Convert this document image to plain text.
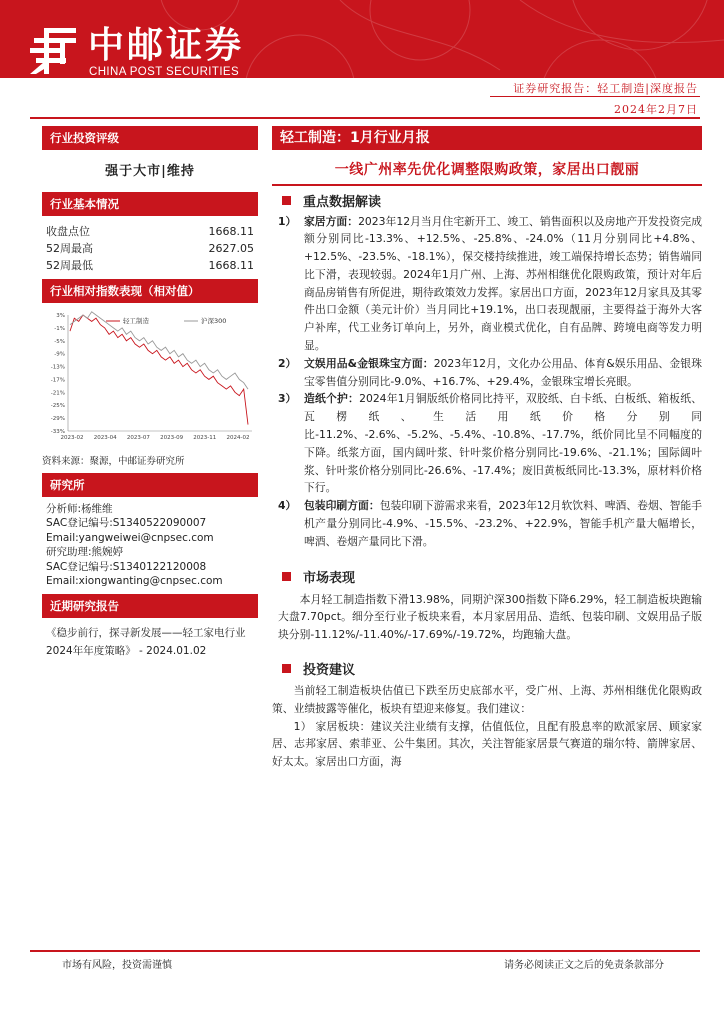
中邮证券
CHINA POST SECURITIES
证券研究报告：轻工制造|深度报告
2024年2月7日
行业投资评级
强于大市|维持
行业基本情况
收盘点位	1668.11
52周最高	2627.05
52周最低	1668.11
行业相对指数表现（相对值）
3%
-1%
-5%
-9%
-13%
-17%
-21%
-25%
-29%
-33%
2023-02 2023-04 2023-07 2023-09 2023-11 2024-02
轻工制造	沪深300
资料来源：聚源，中邮证券研究所
研究所
分析师:杨维维
SAC登记编号:S1340522090007
Email:yangweiwei@cnpsec.com
研究助理:熊婉婷
SAC登记编号:S1340122120008
Email:xiongwanting@cnpsec.com
近期研究报告
《稳步前行，探寻新发展——轻工家电行业2024年年度策略》 - 2024.01.02
轻工制造：1月行业月报
一线广州率先优化调整限购政策，家居出口靓丽
重点数据解读
1） 家居方面：2023年12月当月住宅新开工、竣工、销售面积以及房地产开发投资完成额分别同比-13.3%、+12.5%、-25.8%、-24.0%（11月分别同比+4.8%、+12.5%、-23.5%、-18.1%），保交楼持续推进，竣工端保持增长态势；销售端同比下滑，表现较弱。2024年1月广州、上海、苏州相继优化限购政策，预计对年后商品房销售有所促进，期待政策效力发挥。家居出口方面，2023年12月家具及其零件出口金额（美元计价）当月同比+19.1%，出口表现靓丽，主要得益于海外大客户补库，代工业务订单向上，另外，商业模式优化，自有品牌、跨境电商等发力明显。
2） 文娱用品&金银珠宝方面：2023年12月，文化办公用品、体育&娱乐用品、金银珠宝零售值分别同比-9.0%、+16.7%、+29.4%，金银珠宝增长亮眼。
3） 造纸个护：2024年1月铜版纸价格同比持平，双胶纸、白卡纸、白板纸、箱板纸、瓦楞纸、生活用纸价格分别同比-11.2%、-2.6%、-5.2%、-5.4%、-10.8%、-17.7%，纸价同比呈不同幅度的下降。纸浆方面，国内阔叶浆、针叶浆价格分别同比-19.6%、-21.1%；国际阔叶浆、针叶浆价格分别同比-26.6%、-17.4%；废旧黄板纸同比-13.3%，原材料价格下行。
4） 包装印刷方面：包装印刷下游需求来看，2023年12月软饮料、啤酒、卷烟、智能手机产量分别同比-4.9%、-15.5%、-23.2%、+22.9%，智能手机产量大幅增长，啤酒、卷烟产量同比下滑。
市场表现
本月轻工制造指数下滑13.98%，同期沪深300指数下降6.29%，轻工制造板块跑输大盘7.70pct。细分至行业子板块来看，本月家居用品、造纸、包装印刷、文娱用品子版块分别-11.12%/-11.40%/-17.69%/-19.72%，均跑输大盘。
投资建议
当前轻工制造板块估值已下跌至历史底部水平，受广州、上海、苏州相继优化限购政策、业绩披露等催化，板块有望迎来修复。我们建议：
1） 家居板块：建议关注业绩有支撑，估值低位，且配有股息率的欧派家居、顾家家居、志邦家居、索菲亚、公牛集团。其次，关注智能家居景气赛道的瑞尔特、箭牌家居、好太太。家居出口方面，海
市场有风险，投资需谨慎	请务必阅读正文之后的免责条款部分
